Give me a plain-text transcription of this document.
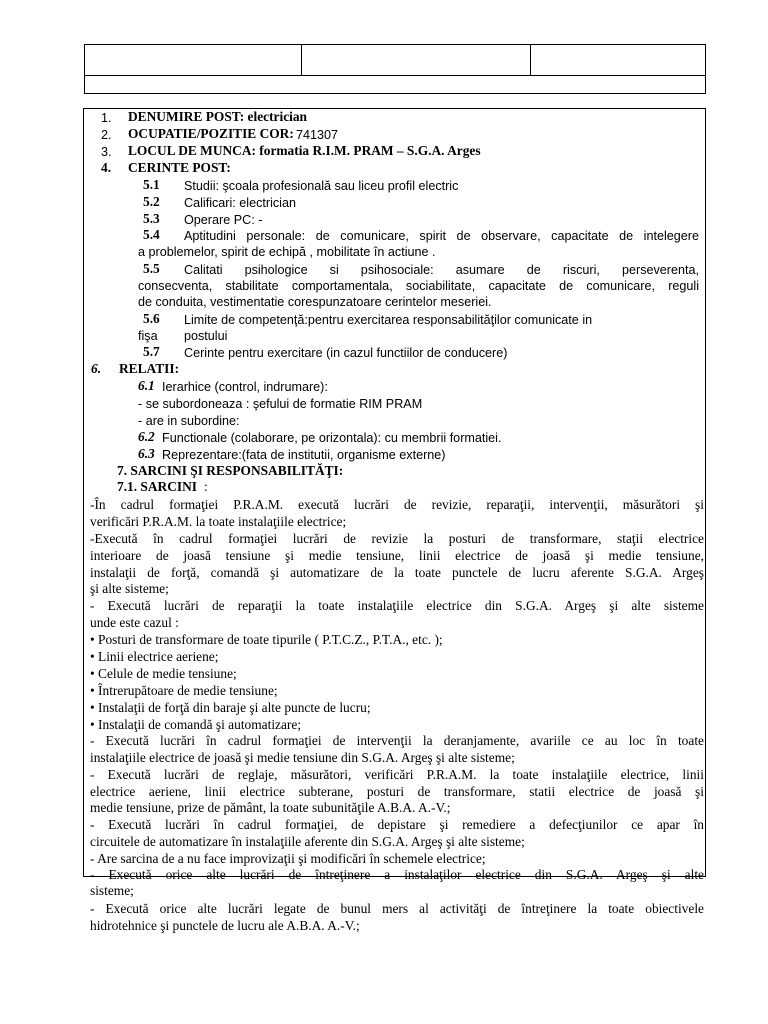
1. DENUMIRE POST: electrician
2. OCUPATIE/POZITIE COR: 741307
3. LOCUL DE MUNCA: formatia R.I.M. PRAM – S.G.A. Arges
4. CERINTE POST:
5.1 Studii: şcoala profesională sau liceu profil electric
5.2 Calificari: electrician
5.3 Operare PC: -
5.4 Aptitudini personale: de comunicare, spirit de observare, capacitate de intelegere
a problemelor, spirit de echipă , mobilitate în actiune .
5.5 Calitati psihologice si psihosociale: asumare de riscuri, perseverenta,
consecventa, stabilitate comportamentala, sociabilitate, capacitate de comunicare, reguli
de conduita, vestimentatie corespunzatoare cerintelor meseriei.
5.6 Limite de competenţă:pentru exercitarea responsabilităţilor comunicate in
fişa postului
5.7 Cerinte pentru exercitare (in cazul functiilor de conducere)
6. RELATII:
6.1 Ierarhice (control, indrumare):
- se subordoneaza : şefului de formatie RIM PRAM
- are in subordine:
6.2 Functionale (colaborare, pe orizontala): cu membrii formatiei.
6.3 Reprezentare:(fata de institutii, organisme externe)
7. SARCINI ŞI RESPONSABILITĂŢI:
7.1. SARCINI :
-În cadrul formaţiei P.R.A.M. execută lucrări de revizie, reparaţii, intervenţii, măsurători şi
verificări P.R.A.M. la toate instalaţiile electrice;
-Execută în cadrul formaţiei lucrări de revizie la posturi de transformare, staţii electrice
interioare de joasă tensiune şi medie tensiune, linii electrice de joasă şi medie tensiune,
instalaţii de forţă, comandă şi automatizare de la toate punctele de lucru aferente S.G.A. Argeş
şi alte sisteme;
- Execută lucrări de reparaţii la toate instalaţiile electrice din S.G.A. Argeş şi alte sisteme
unde este cazul :
• Posturi de transformare de toate tipurile ( P.T.C.Z., P.T.A., etc. );
• Linii electrice aeriene;
• Celule de medie tensiune;
• Întrerupătoare de medie tensiune;
• Instalaţii de forţă din baraje şi alte puncte de lucru;
• Instalaţii de comandă şi automatizare;
- Execută lucrări în cadrul formaţiei de intervenţii la deranjamente, avariile ce au loc în toate
instalaţiile electrice de joasă şi medie tensiune din S.G.A. Argeş şi alte sisteme;
- Execută lucrări de reglaje, măsurători, verificări P.R.A.M. la toate instalaţiile electrice, linii
electrice aeriene, linii electrice subterane, posturi de transformare, statii electrice de joasă şi
medie tensiune, prize de pământ, la toate subunităţile A.B.A. A.-V.;
- Execută lucrări în cadrul formaţiei, de depistare şi remediere a defecţiunilor ce apar în
circuitele de automatizare în instalaţiile aferente din S.G.A. Argeş şi alte sisteme;
- Are sarcina de a nu face improvizaţii şi modificări în schemele electrice;
- Execută orice alte lucrări de întreţinere a instalaţilor electrice din S.G.A. Argeş şi alte
sisteme;
- Execută orice alte lucrări legate de bunul mers al activităţi de întreţinere la toate obiectivele
hidrotehnice şi punctele de lucru ale A.B.A. A.-V.;
